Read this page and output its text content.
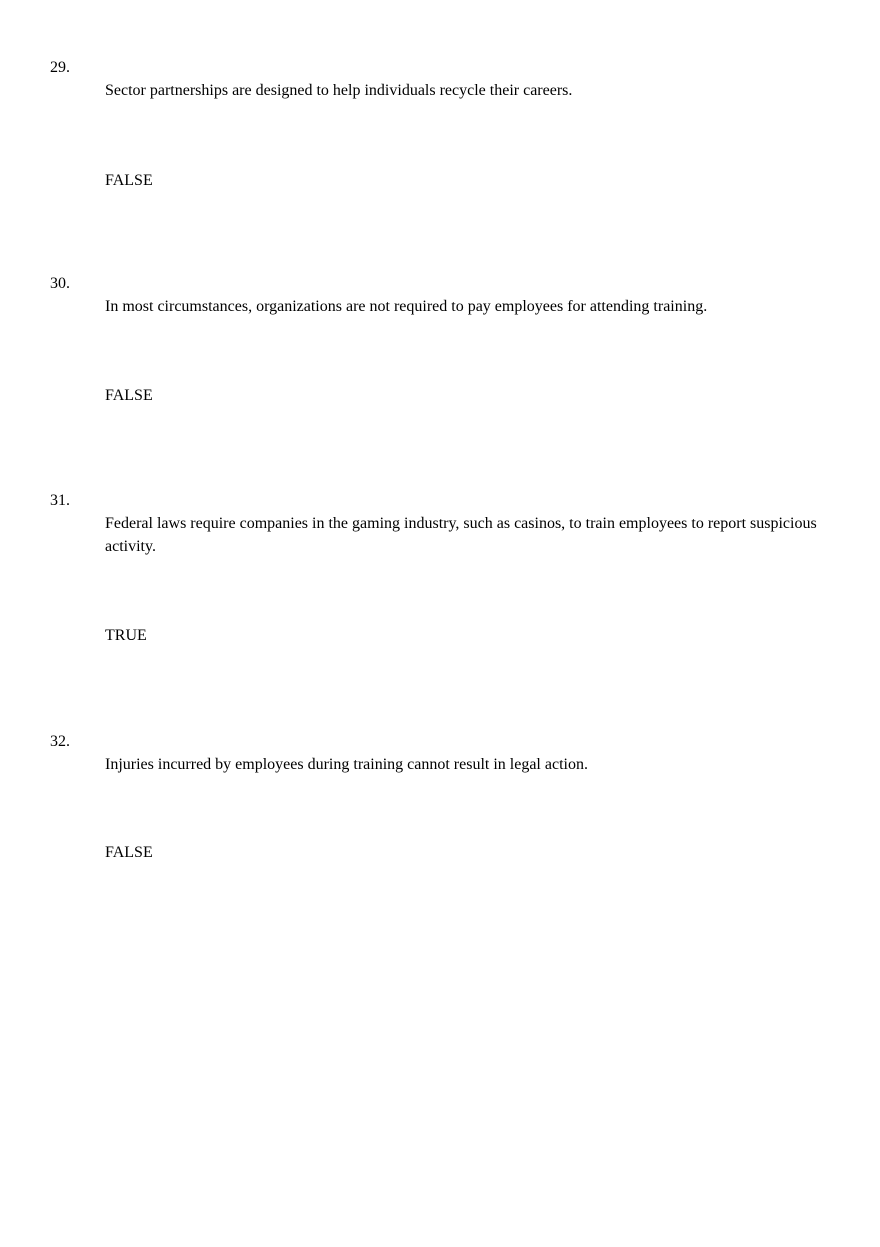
29.

Sector partnerships are designed to help individuals recycle their careers.

FALSE

30.

In most circumstances, organizations are not required to pay employees for attending training.

FALSE

31.

Federal laws require companies in the gaming industry, such as casinos, to train employees to report suspicious activity.

TRUE

32.

Injuries incurred by employees during training cannot result in legal action.

FALSE
